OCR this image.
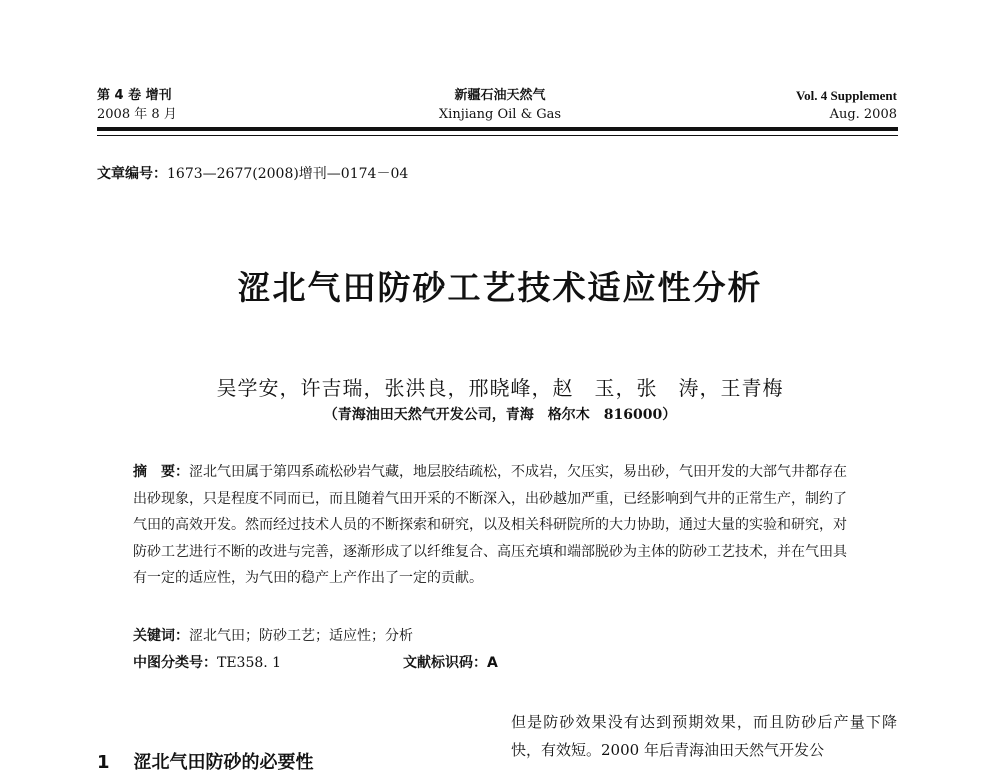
第 4 卷 增刊
2008 年 8 月
新疆石油天然气
Xinjiang Oil & Gas
Vol. 4 Supplement
Aug. 2008
文章编号：1673—2677(2008)增刊—0174－04
涩北气田防砂工艺技术适应性分析
吴学安，许吉瑞，张洪良，邢晓峰，赵　玉，张　涛，王青梅
（青海油田天然气开发公司，青海　格尔木　816000）
摘　要：涩北气田属于第四系疏松砂岩气藏，地层胶结疏松，不成岩，欠压实，易出砂，气田开发的大部气井都存在出砂现象，只是程度不同而已，而且随着气田开采的不断深入，出砂越加严重，已经影响到气井的正常生产，制约了气田的高效开发。然而经过技术人员的不断探索和研究，以及相关科研院所的大力协助，通过大量的实验和研究，对防砂工艺进行不断的改进与完善，逐渐形成了以纤维复合、高压充填和端部脱砂为主体的防砂工艺技术，并在气田具有一定的适应性，为气田的稳产上产作出了一定的贡献。
关键词：涩北气田；防砂工艺；适应性；分析
中图分类号：TE358. 1	文献标识码：A
但是防砂效果没有达到预期效果，而且防砂后产量下降快，有效短。2000 年后青海油田天然气开发公
1 涩北气田防砂的必要性
